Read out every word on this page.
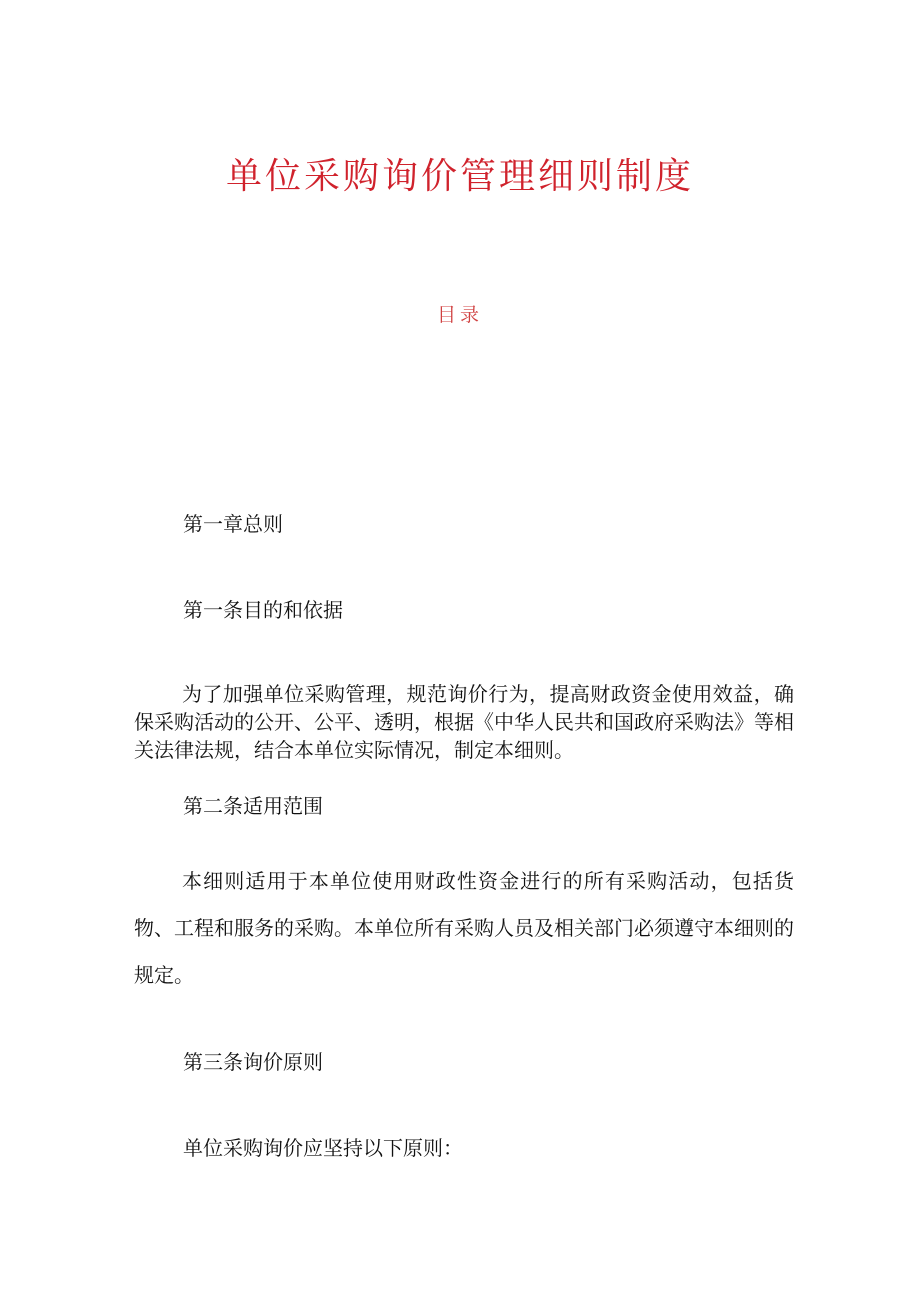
单位采购询价管理细则制度
目录
第一章总则
第一条目的和依据

为了加强单位采购管理，规范询价行为，提高财政资金使用效益，确保采购活动的公开、公平、透明，根据《中华人民共和国政府采购法》等相关法律法规，结合本单位实际情况，制定本细则。

第二条适用范围

本细则适用于本单位使用财政性资金进行的所有采购活动，包括货物、工程和服务的采购。本单位所有采购人员及相关部门必须遵守本细则的规定。

第三条询价原则
单位采购询价应坚持以下原则：
